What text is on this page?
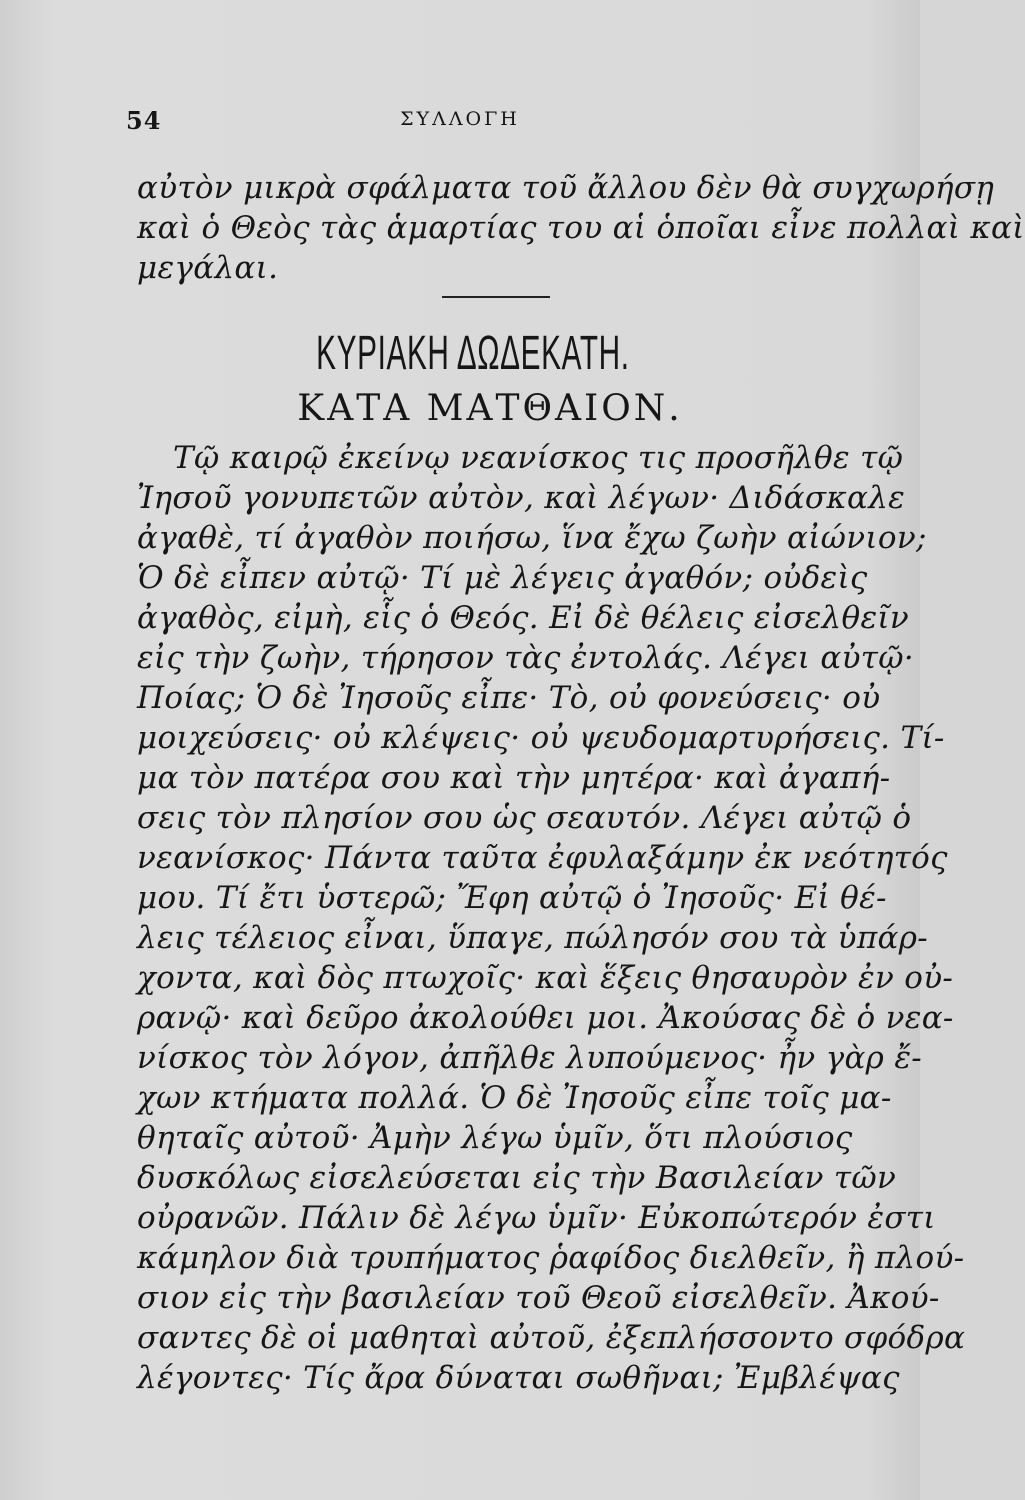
54	ΣΥΛΛΟΓΗ
αὐτὸν μικρὰ σφάλματα τοῦ ἄλλου δὲν θὰ συγχωρήσῃ
καὶ ὁ Θεὸς τὰς ἁμαρτίας του αἱ ὁποῖαι εἶνε πολλαὶ καὶ
μεγάλαι.
ΚΥΡΙΑΚΗ ΔΩΔΕΚΑΤΗ.
ΚΑΤΑ ΜΑΤΘΑΙΟΝ.
Τῷ καιρῷ ἐκείνῳ νεανίσκος τις προσῆλθε τῷ
Ἰησοῦ γονυπετῶν αὐτὸν, καὶ λέγων· Διδάσκαλε
ἀγαθὲ, τί ἀγαθὸν ποιήσω, ἵνα ἔχω ζωὴν αἰώνιον;
Ὁ δὲ εἶπεν αὐτῷ· Τί μὲ λέγεις ἀγαθόν; οὐδεὶς
ἀγαθὸς, εἰμὴ, εἷς ὁ Θεός. Εἰ δὲ θέλεις εἰσελθεῖν
εἰς τὴν ζωὴν, τήρησον τὰς ἐντολάς. Λέγει αὐτῷ·
Ποίας; Ὁ δὲ Ἰησοῦς εἶπε· Τὸ, οὐ φονεύσεις· οὐ
μοιχεύσεις· οὐ κλέψεις· οὐ ψευδομαρτυρήσεις. Τί-
μα τὸν πατέρα σου καὶ τὴν μητέρα· καὶ ἀγαπή-
σεις τὸν πλησίον σου ὡς σεαυτόν. Λέγει αὐτῷ ὁ
νεανίσκος· Πάντα ταῦτα ἐφυλαξάμην ἐκ νεότητός
μου. Τί ἔτι ὑστερῶ; Ἔφη αὐτῷ ὁ Ἰησοῦς· Εἰ θέ-
λεις τέλειος εἶναι, ὕπαγε, πώλησόν σου τὰ ὑπάρ-
χοντα, καὶ δὸς πτωχοῖς· καὶ ἕξεις θησαυρὸν ἐν οὐ-
ρανῷ· καὶ δεῦρο ἀκολούθει μοι. Ἀκούσας δὲ ὁ νεα-
νίσκος τὸν λόγον, ἀπῆλθε λυπούμενος· ἦν γὰρ ἔ-
χων κτήματα πολλά. Ὁ δὲ Ἰησοῦς εἶπε τοῖς μα-
θηταῖς αὐτοῦ· Ἀμὴν λέγω ὑμῖν, ὅτι πλούσιος
δυσκόλως εἰσελεύσεται εἰς τὴν Βασιλείαν τῶν
οὐρανῶν. Πάλιν δὲ λέγω ὑμῖν· Εὐκοπώτερόν ἐστι
κάμηλον διὰ τρυπήματος ῥαφίδος διελθεῖν, ἢ πλού-
σιον εἰς τὴν βασιλείαν τοῦ Θεοῦ εἰσελθεῖν. Ἀκού-
σαντες δὲ οἱ μαθηταὶ αὐτοῦ, ἐξεπλήσσοντο σφόδρα
λέγοντες· Τίς ἄρα δύναται σωθῆναι; Ἐμβλέψας
